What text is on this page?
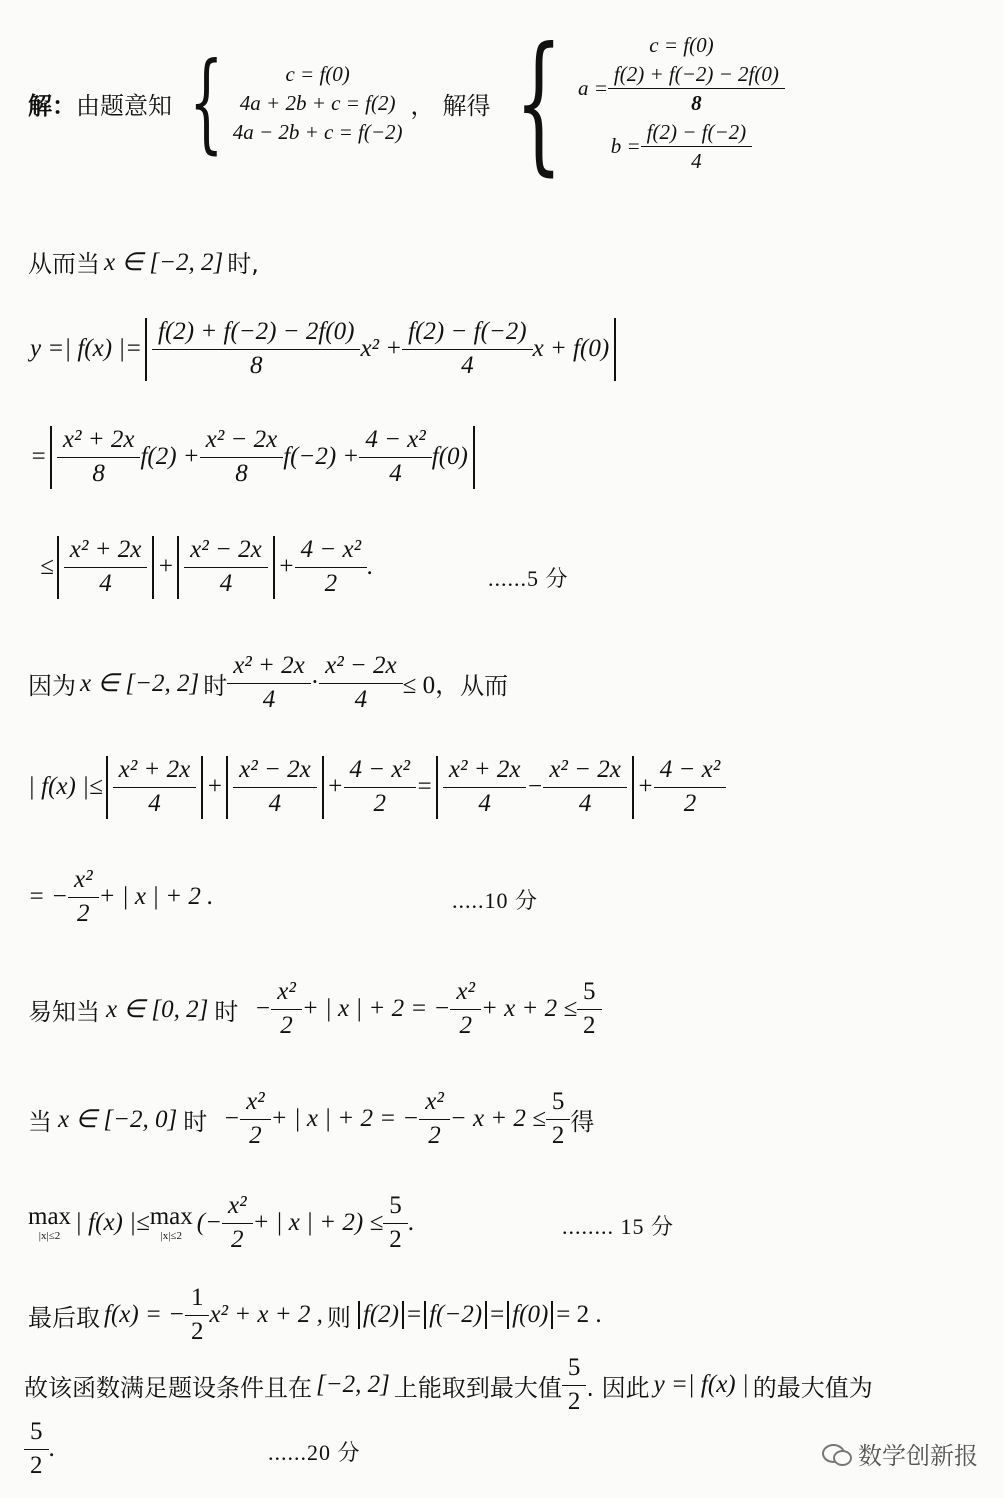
解： 由题意知 {	c = f(0)
4a + 2b + c = f(2)
4a − 2b + c = f(−2)
， 解得 {	c = f(0)
$a = \frac{f(2) + f(-2) - 2f(0)}{8}$
$b = \frac{f(2) - f(-2)}{4}$
从而当 x ∈ [−2, 2] 时,
y =| f(x) |= $\frac{f(2) + f(-2) - 2f(0)}{8} x^2 + \frac{f(2) - f(-2)}{4}$ x + f(0)
= $\frac{\text{x² + 2x}}{8} f(2) + \frac{\text{x² − 2x}}{8} f(-2) + \frac{\text{4 − x²}}{4} f(0)$
≤ $\frac{\text{x² + 2x}}{4} + \frac{\text{x² − 2x}}{4} + \frac{\text{4 − x²}}{2}$ .	......5 分
因为 x ∈ [−2, 2] 时 $\frac{\text{x² + 2x}}{4} \cdot \frac{\text{x² − 2x}}{4} \le 0$， 从而
| f(x) |≤ $\frac{\text{x² + 2x}}{4} + \frac{\text{x² − 2x}}{4} + \frac{\text{4 − x²}}{2} = \frac{\text{x² + 2x}}{4} - \frac{\text{x² − 2x}}{4} + \frac{\text{4 − x²}}{2}$
= − $\frac{\text{x²}}{2}$ + | x | + 2 .	.....10 分
易知当 x ∈ [0, 2] 时 − $\frac{\text{x²}}{2}$ + | x | + 2 = − $\frac{\text{x²}}{2} + x + 2 \le \frac{5}{2}$
当 x ∈ [−2, 0] 时 − $\frac{\text{x²}}{2}$ + | x | + 2 = − $\frac{\text{x²}}{2} - x + 2 \le \frac{5}{2}$ 得
max
|x|≤2 | f(x) |≤ max
|x|≤2 (− $\frac{\text{x²}}{2}$ + | x | + $2) \le \frac{5}{2}$ .	........ 15 分
最后取 f(x) = − $\frac{1}{2} x^2 + x + 2$ , 则 f(2) = f(−2) = f(0) = 2 .
故该函数满足题设条件且在 [−2, 2] 上能取到最大值 $\frac{5}{2}$ . 因此 y =| f(x) | 的最大值为
$\frac{5}{2}$ .	......20 分	数学创新报
